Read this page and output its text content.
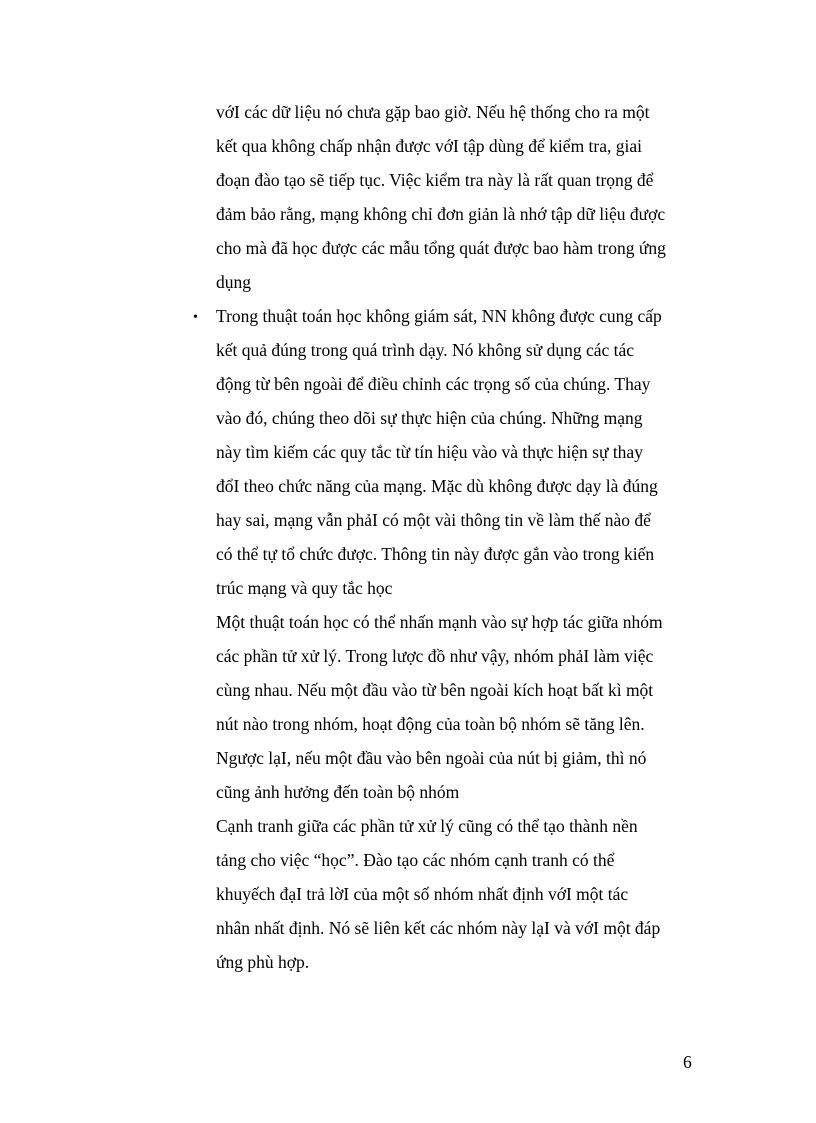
vớI các dữ liệu nó chưa gặp bao giờ. Nếu hệ thống cho ra một
kết qua không chấp nhận được vớI tập dùng để kiểm tra, giai
đoạn đào tạo sẽ tiếp tục. Việc kiểm tra này là rất quan trọng để
đảm bảo rằng, mạng không chỉ đơn giản là nhớ tập dữ liệu được
cho mà đã học được các mẫu tổng quát được bao hàm trong ứng
dụng
• Trong thuật toán học không giám sát, NN không được cung cấp
kết quả đúng trong quá trình dạy. Nó không sử dụng các tác
động từ bên ngoài để điều chỉnh các trọng số của chúng. Thay
vào đó, chúng theo dõi sự thực hiện của chúng. Những mạng
này tìm kiếm các quy tắc từ tín hiệu vào và thực hiện sự thay
đổI theo chức năng của mạng. Mặc dù không được dạy là đúng
hay sai, mạng vẫn phảI có một vài thông tin về làm thế nào để
có thể tự tổ chức được. Thông tin này được gắn vào trong kiến
trúc mạng và quy tắc học
Một thuật toán học có thể nhấn mạnh vào sự hợp tác giữa nhóm
các phần tử xử lý. Trong lược đồ như vậy, nhóm phảI làm việc
cùng nhau. Nếu một đầu vào từ bên ngoài kích hoạt bất kì một
nút nào trong nhóm, hoạt động của toàn bộ nhóm sẽ tăng lên.
Ngược lạI, nếu một đầu vào bên ngoài của nút bị giảm, thì nó
cũng ảnh hưởng đến toàn bộ nhóm
Cạnh tranh giữa các phần tử xử lý cũng có thể tạo thành nền
tảng cho việc “học”. Đào tạo các nhóm cạnh tranh có thể
khuyếch đạI trả lờI của một số nhóm nhất định vớI một tác
nhân nhất định. Nó sẽ liên kết các nhóm này lạI và vớI một đáp
ứng phù hợp.
6
